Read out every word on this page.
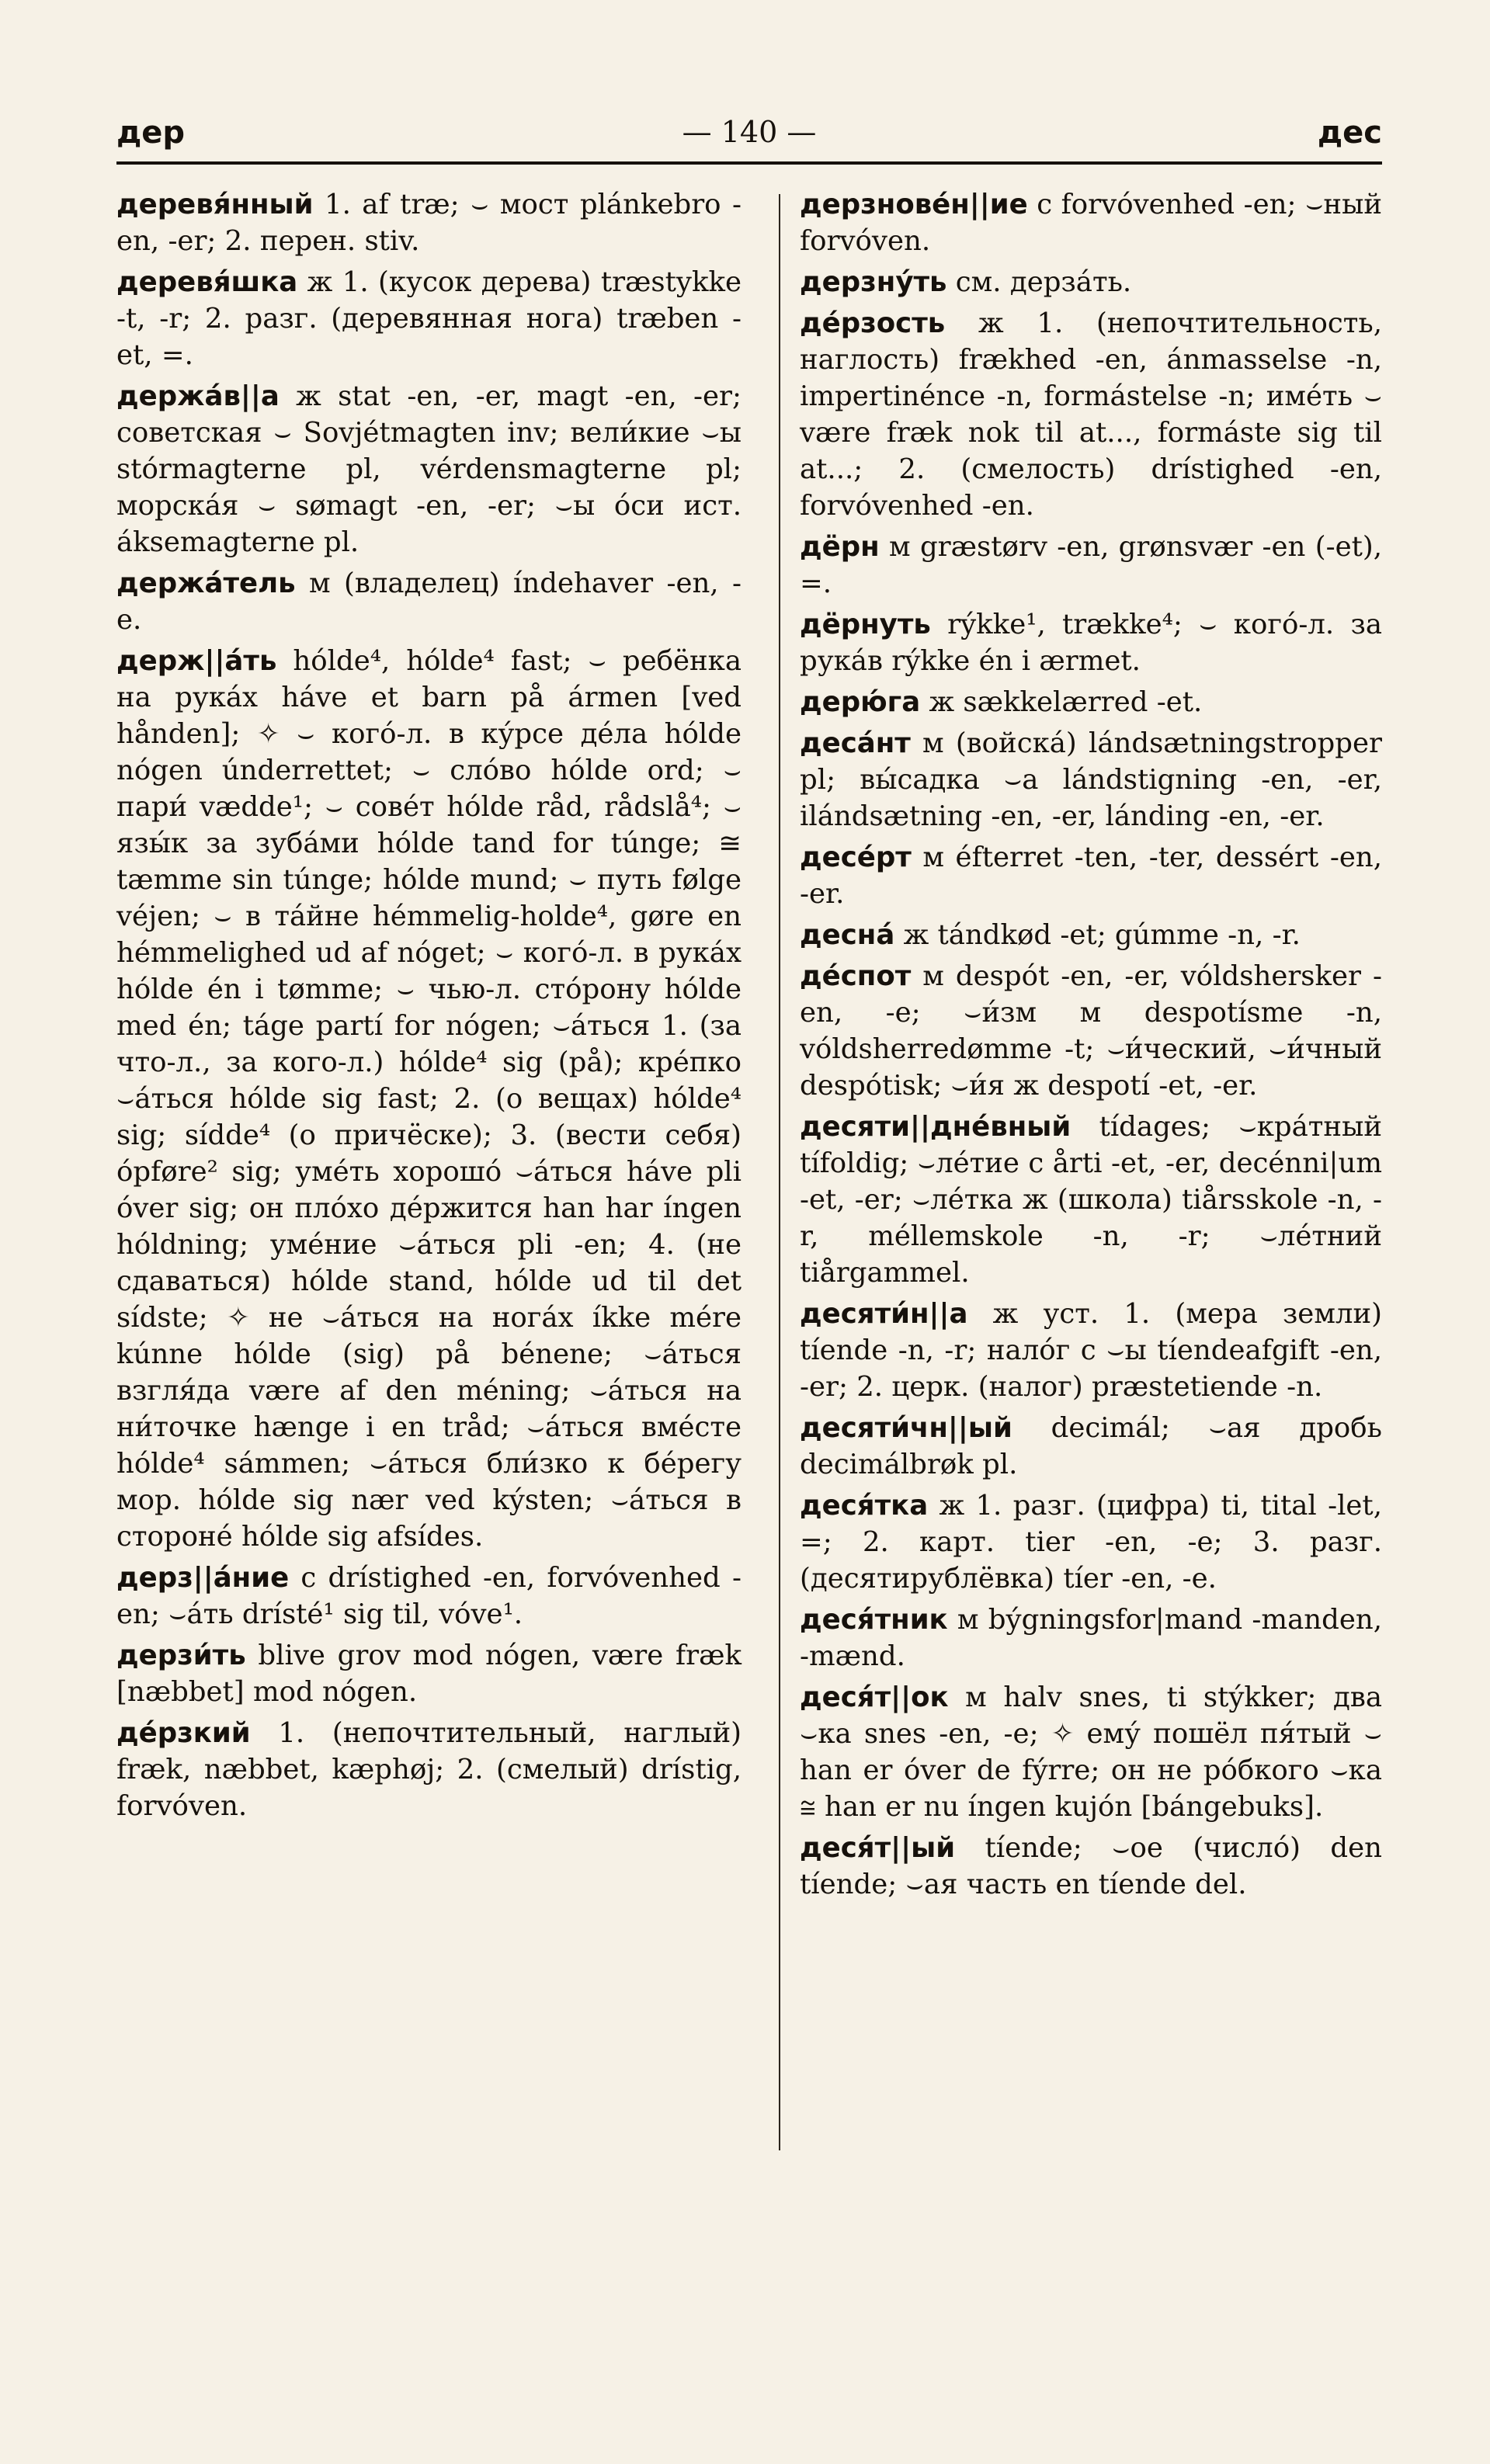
дер	— 140 —	дес

деревя́нный 1. af træ; ⌣ мост plánkebro -en, -er; 2. перен. stiv.

деревя́шка ж 1. (кусок дерева) træstykke -t, -r; 2. разг. (деревянная нога) træben -et, =.

держа́в||а ж stat -en, -er, magt -en, -er; советская ⌣ Sovjétmagten inv; вели́кие ⌣ы stórmagterne pl, vérdensmagterne pl; морска́я ⌣ sømagt -en, -er; ⌣ы о́си ист. áksemagterne pl.

держа́тель м (владелец) índehaver -en, -e.

держ||а́ть hólde⁴, hólde⁴ fast; ⌣ ребёнка на рука́х háve et barn på ármen [ved hånden]; ✧ ⌣ кого́-л. в ку́рсе де́ла hólde nógen únderrettet; ⌣ сло́во hólde ord; ⌣ пари́ vædde¹; ⌣ сове́т hólde råd, rådslå⁴; ⌣ язы́к за зуба́ми hólde tand for túnge; ≅ tæmme sin túnge; hólde mund; ⌣ путь følge véjen; ⌣ в та́йне hémmelig-holde⁴, gøre en hémmelighed ud af nóget; ⌣ кого́-л. в рука́х hólde én i tømme; ⌣ чью-л. сто́рону hólde med én; táge partí for nógen; ⌣а́ться 1. (за что-л., за кого-л.) hólde⁴ sig (på); кре́пко ⌣а́ться hólde sig fast; 2. (о вещах) hólde⁴ sig; sídde⁴ (о причёске); 3. (вести себя) ópføre² sig; уме́ть хорошо́ ⌣а́ться háve pli óver sig; он пло́хо де́ржится han har íngen hóldning; уме́ние ⌣а́ться pli -en; 4. (не сдаваться) hólde stand, hólde ud til det sídste; ✧ не ⌣а́ться на нога́х íkke mére kúnne hólde (sig) på bénene; ⌣а́ться взгля́да være af den méning; ⌣а́ться на ни́точке hænge i en tråd; ⌣а́ться вме́сте hólde⁴ sámmen; ⌣а́ться бли́зко к бе́регу мор. hólde sig nær ved kýsten; ⌣а́ться в стороне́ hólde sig afsídes.

дерз||а́ние с drístighed -en, forvóvenhed -en; ⌣а́ть drísté¹ sig til, vóve¹.

дерзи́ть blive grov mod nógen, være fræk [næbbet] mod nógen.

де́рзкий 1. (непочтительный, наглый) fræk, næbbet, kæphøj; 2. (смелый) drístig, forvóven.

дерзнове́н||ие с forvóvenhed -en; ⌣ный forvóven.

дерзну́ть см. дерза́ть.

де́рзость ж 1. (непочтительность, наглость) frækhed -en, ánmasselse -n, impertinénce -n, formástelse -n; име́ть ⌣ være fræk nok til at..., formáste sig til at...; 2. (смелость) drístighed -en, forvóvenhed -en.

дёрн м græstørv -en, grønsvær -en (-et), =.

дёрнуть rýkke¹, trække⁴; ⌣ кого́-л. за рука́в rýkke én i ærmet.

дерю́га ж sækkelærred -et.

деса́нт м (войска́) lándsætningstropper pl; вы́садка ⌣а lándstigning -en, -er, ilándsætning -en, -er, lánding -en, -er.

десе́рт м éfterret -ten, -ter, dessért -en, -er.

десна́ ж tándkød -et; gúmme -n, -r.

де́спот м despót -en, -er, vóldshersker -en, -e; ⌣и́зм м despotísme -n, vóldsherredømme -t; ⌣и́ческий, ⌣и́чный despótisk; ⌣и́я ж despotí -et, -er.

десяти||дне́вный tídages; ⌣кра́тный tífoldig; ⌣ле́тие с årti -et, -er, decénni|um -et, -er; ⌣ле́тка ж (школа) tiårsskole -n, -r, méllemskole -n, -r; ⌣ле́тний tiårgammel.

десяти́н||а ж уст. 1. (мера земли) tíende -n, -r; нало́г с ⌣ы tíendeafgift -en, -er; 2. церк. (налог) præstetiende -n.

десяти́чн||ый decimál; ⌣ая дробь decimálbrøk pl.

деся́тка ж 1. разг. (цифра) ti, tital -let, =; 2. карт. tier -en, -e; 3. разг. (десятирублёвка) tíer -en, -e.

деся́тник м býgningsfor|mand -manden, -mænd.

деся́т||ок м halv snes, ti stýkker; два ⌣ка snes -en, -e; ✧ ему́ пошёл пя́тый ⌣ han er óver de fýrre; он не ро́бкого ⌣ка ≅ han er nu íngen kujón [bángebuks].

деся́т||ый tíende; ⌣ое (число́) den tíende; ⌣ая часть en tíende del.
